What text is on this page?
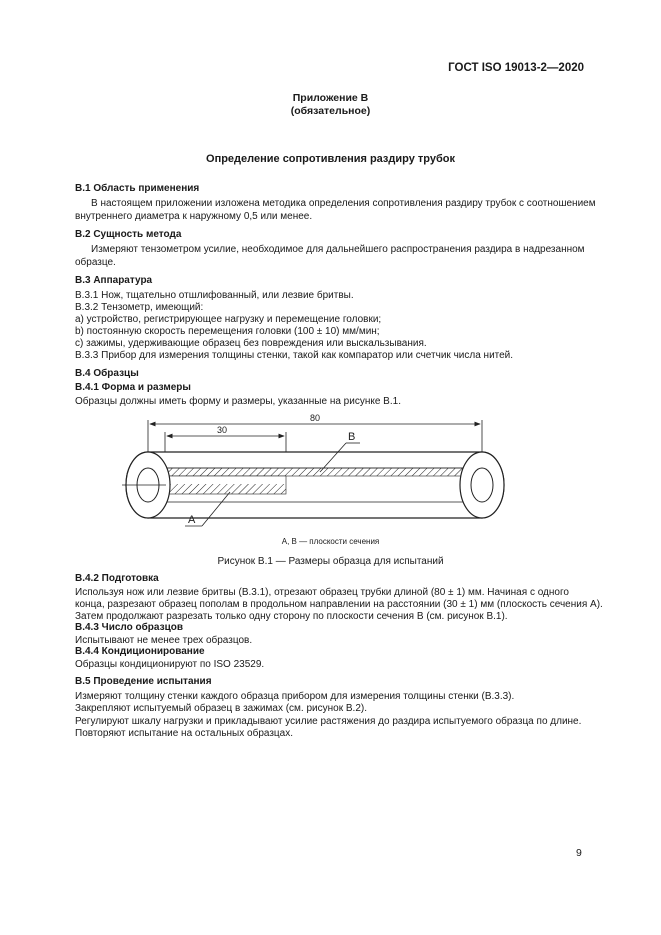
ГОСТ ISO 19013-2—2020
Приложение В
(обязательное)
Определение сопротивления раздиру трубок
В.1 Область применения
В настоящем приложении изложена методика определения сопротивления раздиру трубок с соотношением
внутреннего диаметра к наружному 0,5 или менее.
В.2 Сущность метода
Измеряют тензометром усилие, необходимое для дальнейшего распространения раздира в надрезанном
образце.
В.3 Аппаратура
В.3.1 Нож, тщательно отшлифованный, или лезвие бритвы.
В.3.2 Тензометр, имеющий:
а) устройство, регистрирующее нагрузку и перемещение головки;
b) постоянную скорость перемещения головки (100 ± 10) мм/мин;
c) зажимы, удерживающие образец без повреждения или выскальзывания.
В.3.3 Прибор для измерения толщины стенки, такой как компаратор или счетчик числа нитей.
В.4 Образцы
В.4.1 Форма и размеры
Образцы должны иметь форму и размеры, указанные на рисунке В.1.
80
30
B
A
А, В — плоскости сечения
Рисунок В.1 — Размеры образца для испытаний
В.4.2 Подготовка
Используя нож или лезвие бритвы (В.3.1), отрезают образец трубки длиной (80 ± 1) мм. Начиная с одного
конца, разрезают образец пополам в продольном направлении на расстоянии (30 ± 1) мм (плоскость сечения А).
Затем продолжают разрезать только одну сторону по плоскости сечения В (см. рисунок В.1).
В.4.3 Число образцов
Испытывают не менее трех образцов.
В.4.4 Кондиционирование
Образцы кондиционируют по ISO 23529.
В.5 Проведение испытания
Измеряют толщину стенки каждого образца прибором для измерения толщины стенки (В.3.3).
Закрепляют испытуемый образец в зажимах (см. рисунок В.2).
Регулируют шкалу нагрузки и прикладывают усилие растяжения до раздира испытуемого образца по длине.
Повторяют испытание на остальных образцах.
9
